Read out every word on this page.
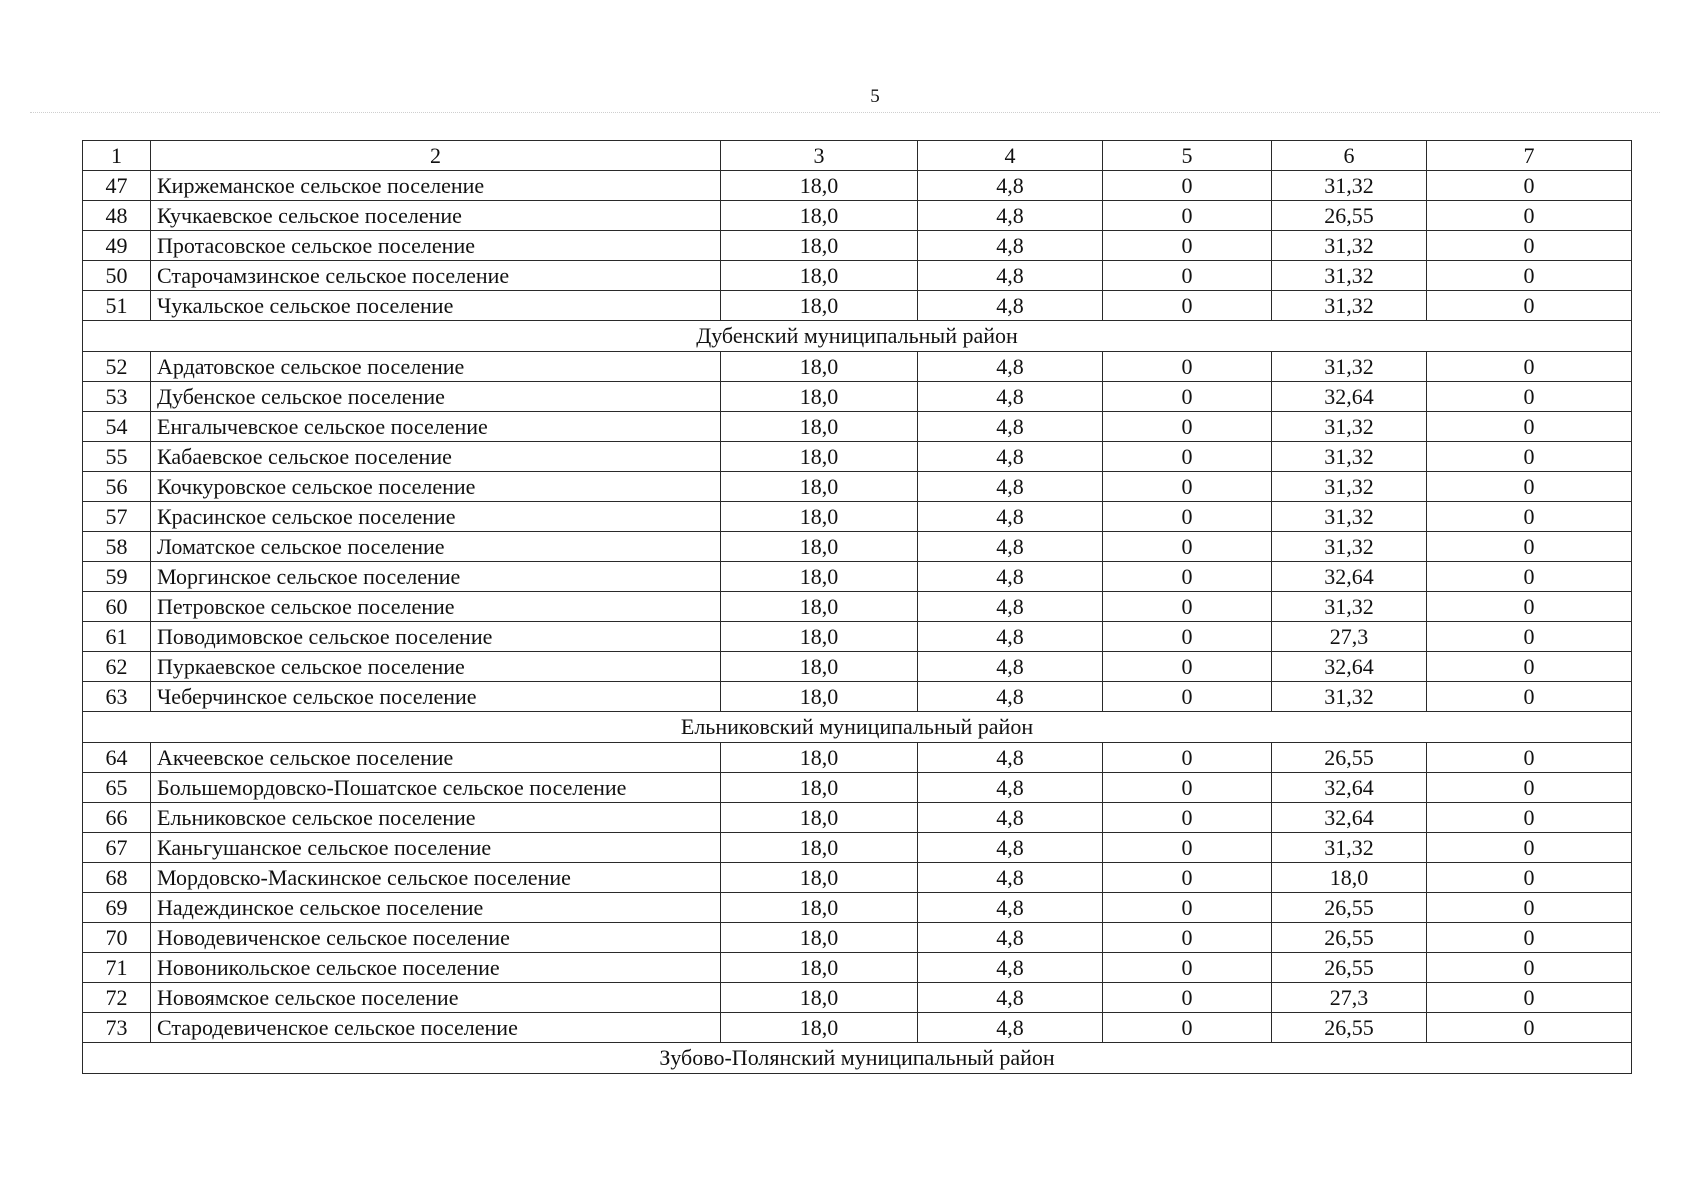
5
1	2	3	4	5	6	7
47	Киржеманское сельское поселение	18,0	4,8	0	31,32	0
48	Кучкаевское сельское поселение	18,0	4,8	0	26,55	0
49	Протасовское сельское поселение	18,0	4,8	0	31,32	0
50	Старочамзинское сельское поселение	18,0	4,8	0	31,32	0
51	Чукальское сельское поселение	18,0	4,8	0	31,32	0
Дубенский муниципальный район						
52	Ардатовское сельское поселение	18,0	4,8	0	31,32	0
53	Дубенское сельское поселение	18,0	4,8	0	32,64	0
54	Енгалычевское сельское поселение	18,0	4,8	0	31,32	0
55	Кабаевское сельское поселение	18,0	4,8	0	31,32	0
56	Кочкуровское сельское поселение	18,0	4,8	0	31,32	0
57	Красинское сельское поселение	18,0	4,8	0	31,32	0
58	Ломатское сельское поселение	18,0	4,8	0	31,32	0
59	Моргинское сельское поселение	18,0	4,8	0	32,64	0
60	Петровское сельское поселение	18,0	4,8	0	31,32	0
61	Поводимовское сельское поселение	18,0	4,8	0	27,3	0
62	Пуркаевское сельское поселение	18,0	4,8	0	32,64	0
63	Чеберчинское сельское поселение	18,0	4,8	0	31,32	0
Ельниковский муниципальный район						
64	Акчеевское сельское поселение	18,0	4,8	0	26,55	0
65	Большемордовско-Пошатское сельское поселение	18,0	4,8	0	32,64	0
66	Ельниковское сельское поселение	18,0	4,8	0	32,64	0
67	Каньгушанское сельское поселение	18,0	4,8	0	31,32	0
68	Мордовско-Маскинское сельское поселение	18,0	4,8	0	18,0	0
69	Надеждинское сельское поселение	18,0	4,8	0	26,55	0
70	Новодевиченское сельское поселение	18,0	4,8	0	26,55	0
71	Новоникольское сельское поселение	18,0	4,8	0	26,55	0
72	Новоямское сельское поселение	18,0	4,8	0	27,3	0
73	Стародевиченское сельское поселение	18,0	4,8	0	26,55	0
Зубово-Полянский муниципальный район						
